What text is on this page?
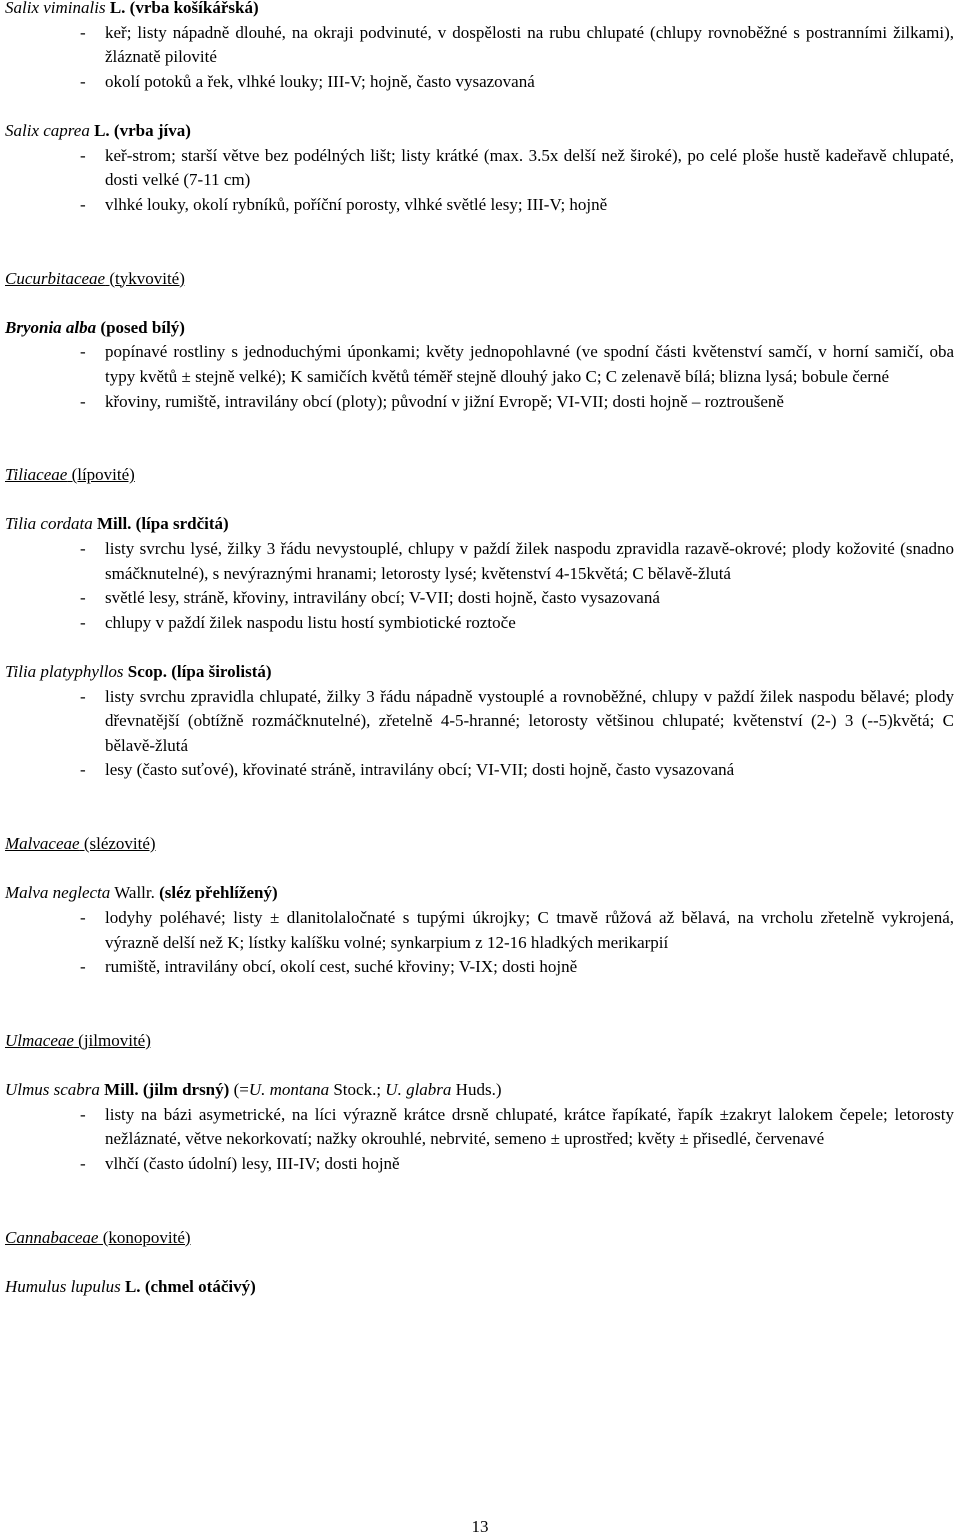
Salix viminalis L. (vrba košíkářská)

-	keř; listy nápadně dlouhé, na okraji podvinuté, v dospělosti na rubu chlupaté (chlupy rovnoběžné s postranními žilkami), žláznatě pilovité
-	okolí potoků a řek, vlhké louky; III-V; hojně, často vysazovaná

Salix caprea L. (vrba jíva)

-	keř-strom; starší větve bez podélných lišt; listy krátké (max. 3.5x delší než široké), po celé ploše hustě kadeřavě chlupaté, dosti velké (7-11 cm)
-	vlhké louky, okolí rybníků, poříční porosty, vlhké světlé lesy; III-V; hojně

Cucurbitaceae (tykvovité)

Bryonia alba (posed bílý)

-	popínavé rostliny s jednoduchými úponkami; květy jednopohlavné (ve spodní části květenství samčí, v horní samičí, oba typy květů ± stejně velké); K samičích květů téměř stejně dlouhý jako C; C zelenavě bílá; blizna lysá; bobule černé
-	křoviny, rumiště, intravilány obcí (ploty); původní v jižní Evropě; VI-VII; dosti hojně – roztroušeně

Tiliaceae (lípovité)

Tilia cordata Mill. (lípa srdčitá)

-	listy svrchu lysé, žilky 3 řádu nevystouplé, chlupy v paždí žilek naspodu zpravidla razavě-okrové; plody kožovité (snadno smáčknutelné), s nevýraznými hranami; letorosty lysé; květenství 4-15květá; C bělavě-žlutá
-	světlé lesy, stráně, křoviny, intravilány obcí; V-VII; dosti hojně, často vysazovaná
-	chlupy v paždí žilek naspodu listu hostí symbiotické roztoče

Tilia platyphyllos Scop. (lípa širolistá)

-	listy svrchu zpravidla chlupaté, žilky 3 řádu nápadně vystouplé a rovnoběžné, chlupy v paždí žilek naspodu bělavé; plody dřevnatější (obtížně rozmáčknutelné), zřetelně 4-5-hranné; letorosty většinou chlupaté; květenství (2-) 3 (--5)květá; C bělavě-žlutá
-	lesy (často suťové), křovinaté stráně, intravilány obcí; VI-VII; dosti hojně, často vysazovaná

Malvaceae (slézovité)

Malva neglecta Wallr. (sléz přehlížený)

-	lodyhy poléhavé; listy ± dlanitolaločnaté s tupými úkrojky; C tmavě růžová až bělavá, na vrcholu zřetelně vykrojená, výrazně delší než K; lístky kalíšku volné; synkarpium z 12-16 hladkých merikarpií
-	rumiště, intravilány obcí, okolí cest, suché křoviny; V-IX; dosti hojně

Ulmaceae (jilmovité)

Ulmus scabra Mill. (jilm drsný) (=U. montana Stock.; U. glabra Huds.)

-	listy na bázi asymetrické, na líci výrazně krátce drsně chlupaté, krátce řapíkaté, řapík ±zakryt lalokem čepele; letorosty nežláznaté, větve nekorkovatí; nažky okrouhlé, nebrvité, semeno ± uprostřed; květy ± přisedlé, červenavé
-	vlhčí (často údolní) lesy, III-IV; dosti hojně

Cannabaceae (konopovité)

Humulus lupulus L. (chmel otáčivý)

13
